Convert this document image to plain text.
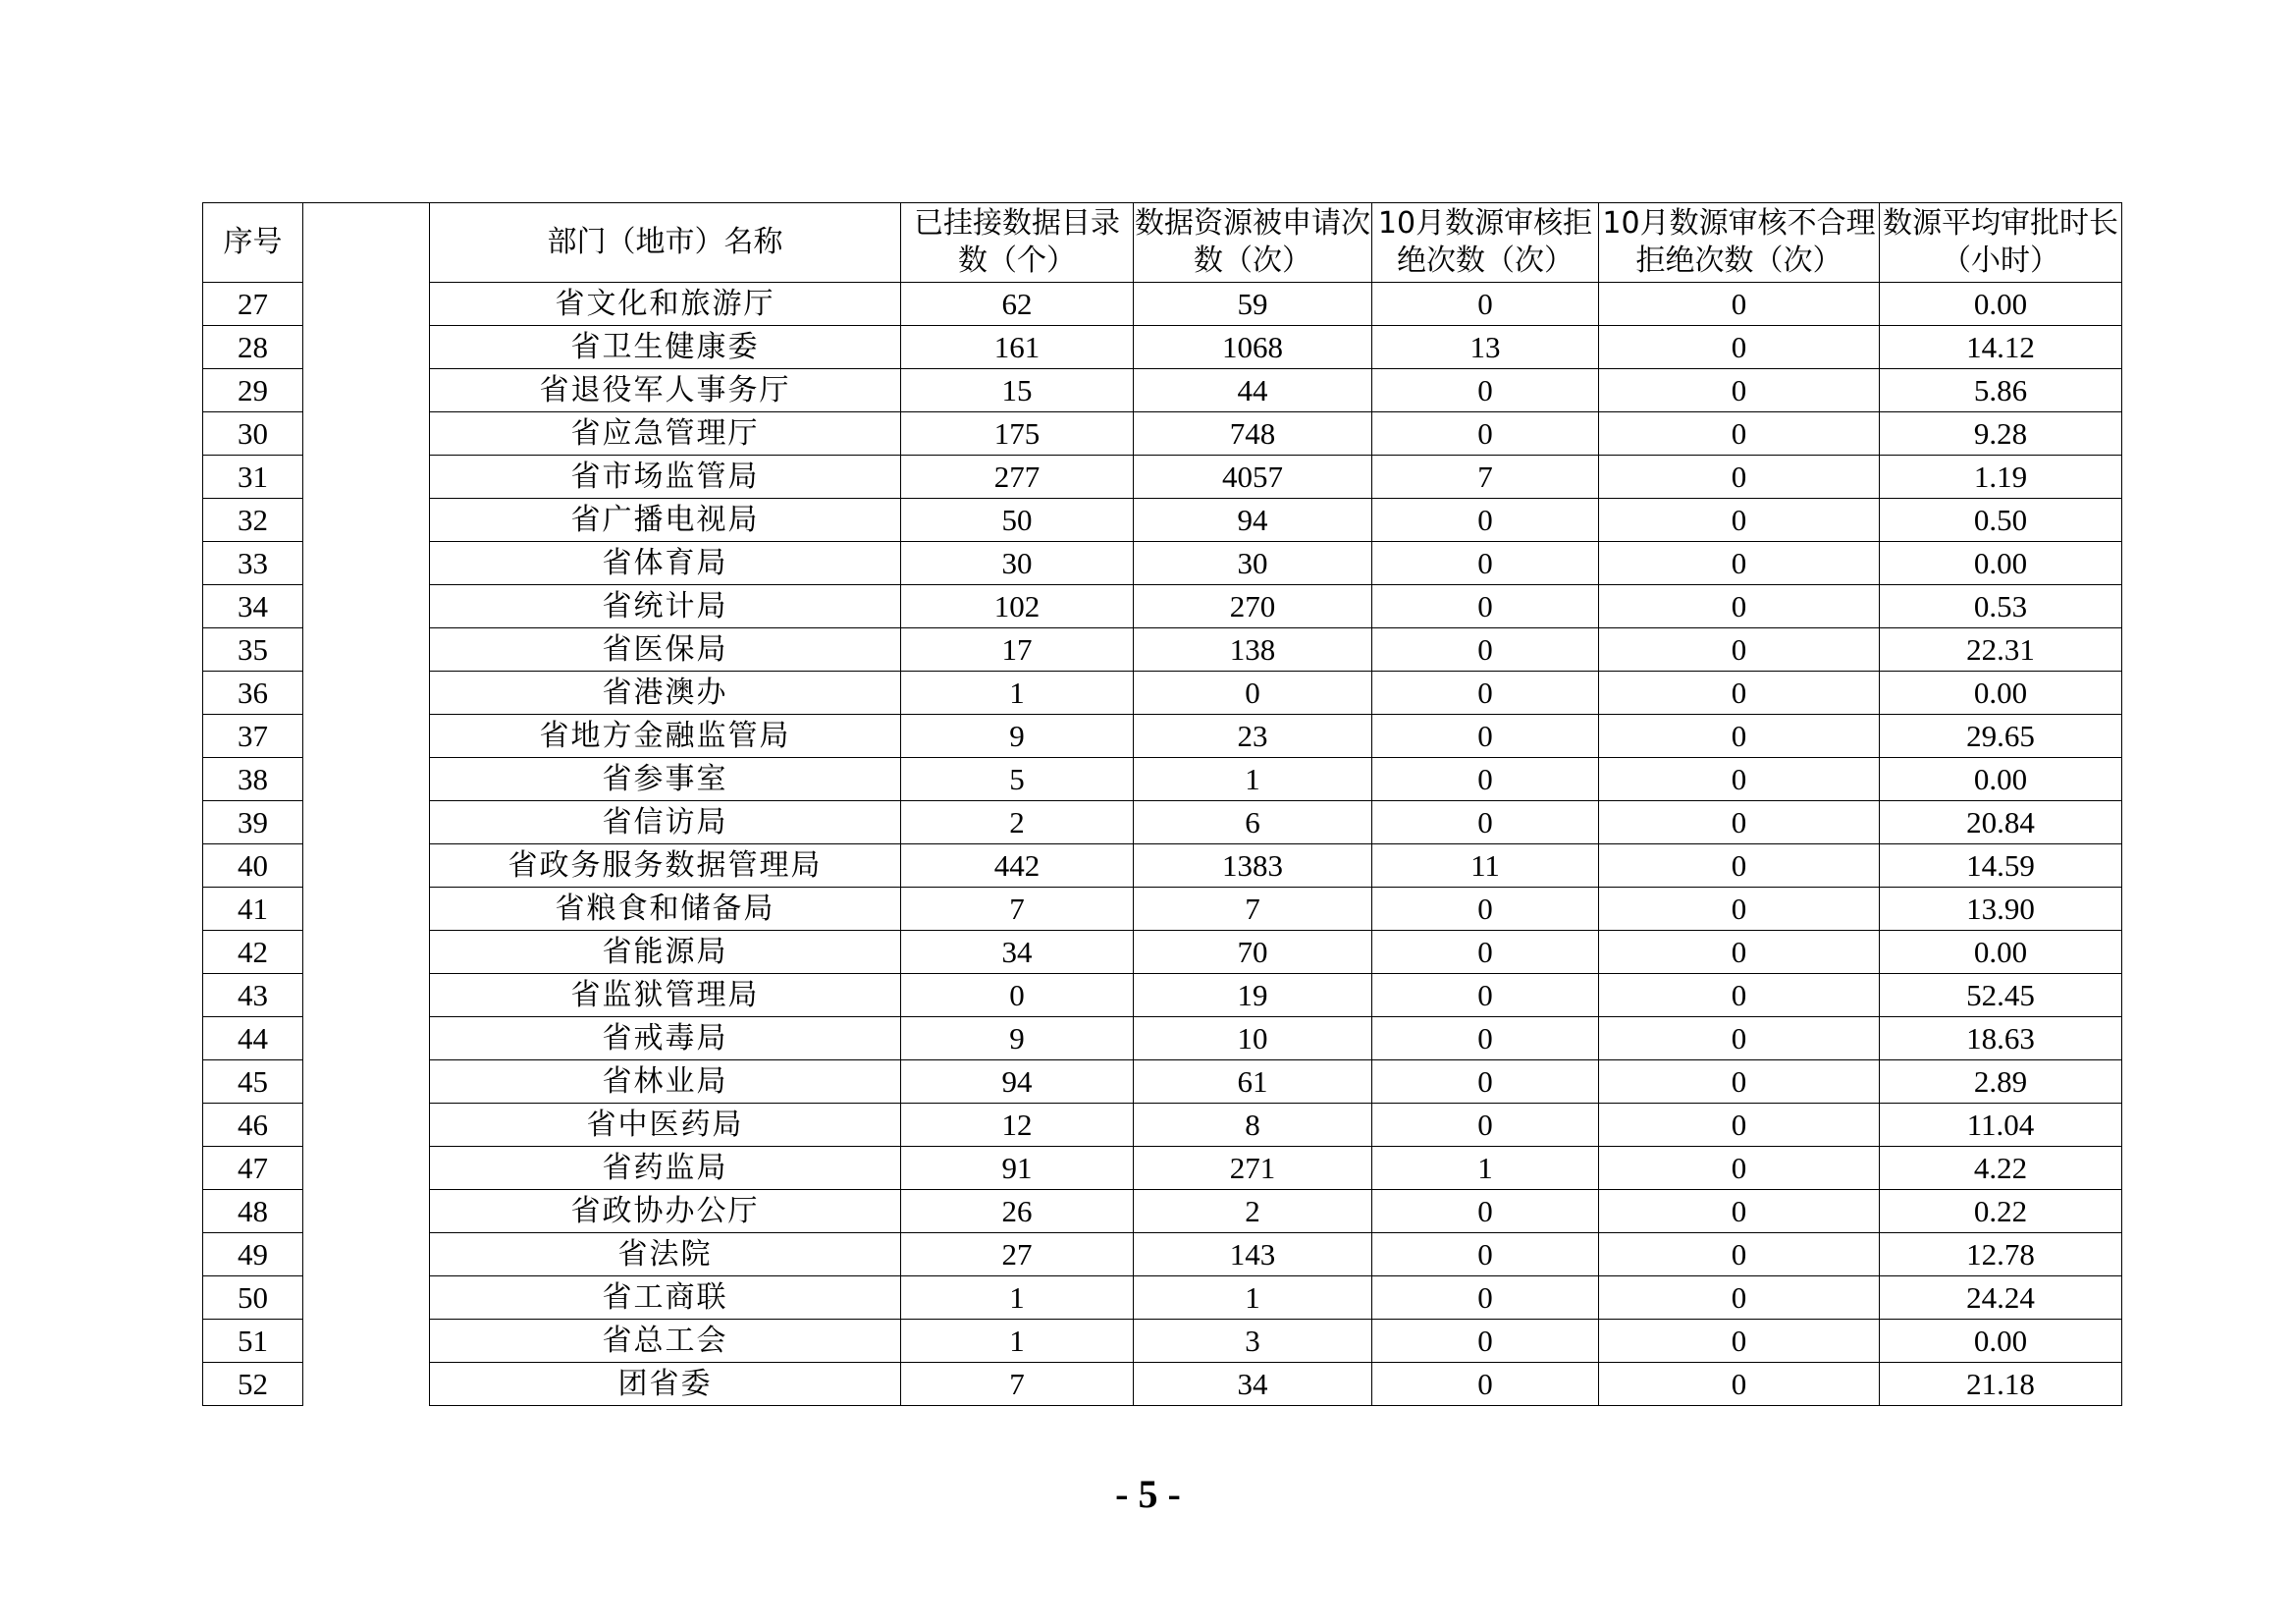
序号		部门（地市）名称	已挂接数据目录数（个）	数据资源被申请次数（次）	10月数源审核拒绝次数（次）	10月数源审核不合理拒绝次数（次）	数源平均审批时长（小时）
27		省文化和旅游厅	62	59	0	0	0.00
28		省卫生健康委	161	1068	13	0	14.12
29		省退役军人事务厅	15	44	0	0	5.86
30		省应急管理厅	175	748	0	0	9.28
31		省市场监管局	277	4057	7	0	1.19
32		省广播电视局	50	94	0	0	0.50
33		省体育局	30	30	0	0	0.00
34		省统计局	102	270	0	0	0.53
35		省医保局	17	138	0	0	22.31
36		省港澳办	1	0	0	0	0.00
37		省地方金融监管局	9	23	0	0	29.65
38		省参事室	5	1	0	0	0.00
39		省信访局	2	6	0	0	20.84
40		省政务服务数据管理局	442	1383	11	0	14.59
41		省粮食和储备局	7	7	0	0	13.90
42		省能源局	34	70	0	0	0.00
43		省监狱管理局	0	19	0	0	52.45
44		省戒毒局	9	10	0	0	18.63
45		省林业局	94	61	0	0	2.89
46		省中医药局	12	8	0	0	11.04
47		省药监局	91	271	1	0	4.22
48		省政协办公厅	26	2	0	0	0.22
49		省法院	27	143	0	0	12.78
50		省工商联	1	1	0	0	24.24
51		省总工会	1	3	0	0	0.00
52		团省委	7	34	0	0	21.18
- 5 -
